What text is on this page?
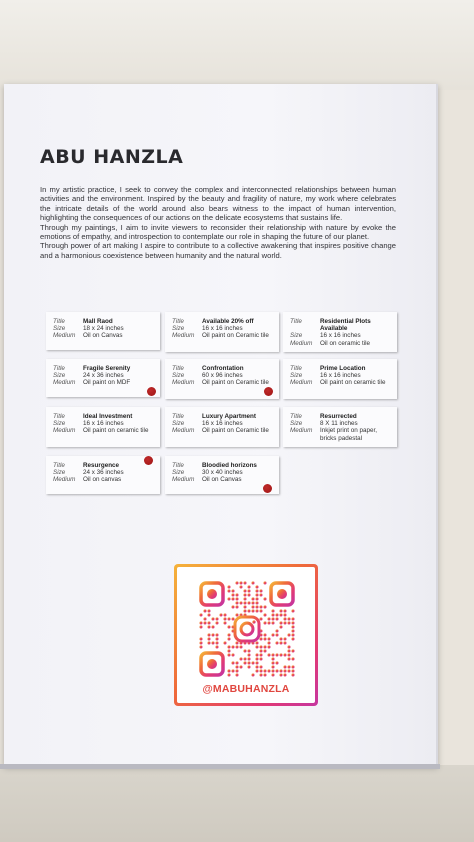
ABU HANZLA

In my artistic practice, I seek to convey the complex and interconnected relationships between human activities and the environment. Inspired by the beauty and fragility of nature, my work where celebrates the intricate details of the world around also bears witness to the impact of human intervention, highlighting the consequences of our actions on the delicate ecosystems that sustains life.

Through my paintings, I aim to invite viewers to reconsider their relationship with nature by evoke the emotions of empathy, and introspection to contemplate our role in shaping the future of our planet.

Through power of art making I aspire to contribute to a collective awakening that inspires positive change and a harmonious coexistence between humanity and the natural world.

Title	Mall Raod
Size	18 x 24 inches
Medium	Oil on Canvas
Title	Available 20% off
Size	16 x 16 inches
Medium	Oil paint on Ceramic tile
Title	Residential Plots Available
Size	16 x 16 inches
Medium	Oil on ceramic tile
Title	Fragile Serenity
Size	24 x 36 inches
Medium	Oil paint on MDF
Title	Confrontation
Size	60 x 96 inches
Medium	Oil paint on Ceramic tile
Title	Prime Location
Size	16 x 16 inches
Medium	Oil paint on ceramic tile
Title	Ideal Investment
Size	16 x 16 inches
Medium	Oil paint on ceramic tile
Title	Luxury Apartment
Size	16 x 16 inches
Medium	Oil paint on Ceramic tile
Title	Resurrected
Size	8 X 11 inches
Medium	Inkjet print on paper, bricks padestal
Title	Resurgence
Size	24 x 36 inches
Medium	Oil on canvas
Title	Bloodied horizons
Size	30 x 40 inches
Medium	Oil on Canvas
@MABUHANZLA
